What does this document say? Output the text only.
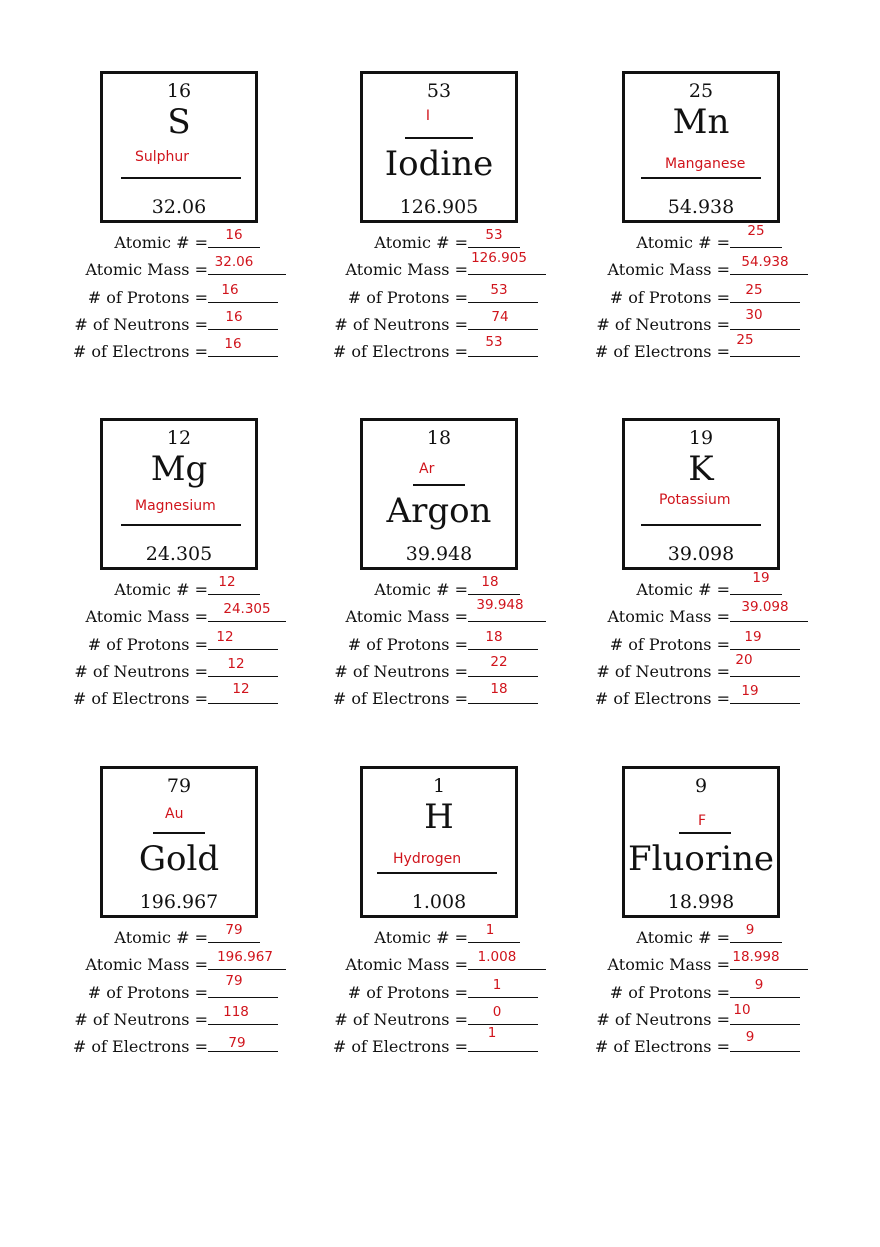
16
S
Sulphur
32.06
Atomic # =	16
Atomic Mass = 32.06
# of Protons = 16
# of Neutrons =	16
# of Electrons =	16
53
I
Iodine
126.905
Atomic # =	53
Atomic Mass =
126.905
# of Protons =	53
# of Neutrons =	74
# of Electrons =	53
25
Mn
Manganese
54.938
Atomic # =
25
Atomic Mass = 54.938
# of Protons =	25
# of Neutrons =	30
# of Electrons =
25
12
Mg
Magnesium
24.305
Atomic # = 12
Atomic Mass =	24.305
# of Protons = 12
# of Neutrons =	12
# of Electrons =	12
18
Ar
Argon
39.948
Atomic # = 18
Atomic Mass =
39.948
# of Protons =	18
# of Neutrons =	22
# of Electrons =	18
19
K
Potassium
39.098
Atomic # =
19
Atomic Mass = 39.098
# of Protons =	19
# of Neutrons =
20
# of Electrons = 19
79
Au
Gold
196.967
Atomic # =	79
Atomic Mass = 196.967
# of Protons =
79
# of Neutrons =	118
# of Electrons =	79
1
H
Hydrogen
1.008
Atomic # =	1
Atomic Mass = 1.008
# of Protons =	1
# of Neutrons =	0
# of Electrons =
1
9
F
Fluorine
18.998
Atomic # =	9
Atomic Mass = 18.998
# of Protons =	9
# of Neutrons = 10
# of Electrons =	9
